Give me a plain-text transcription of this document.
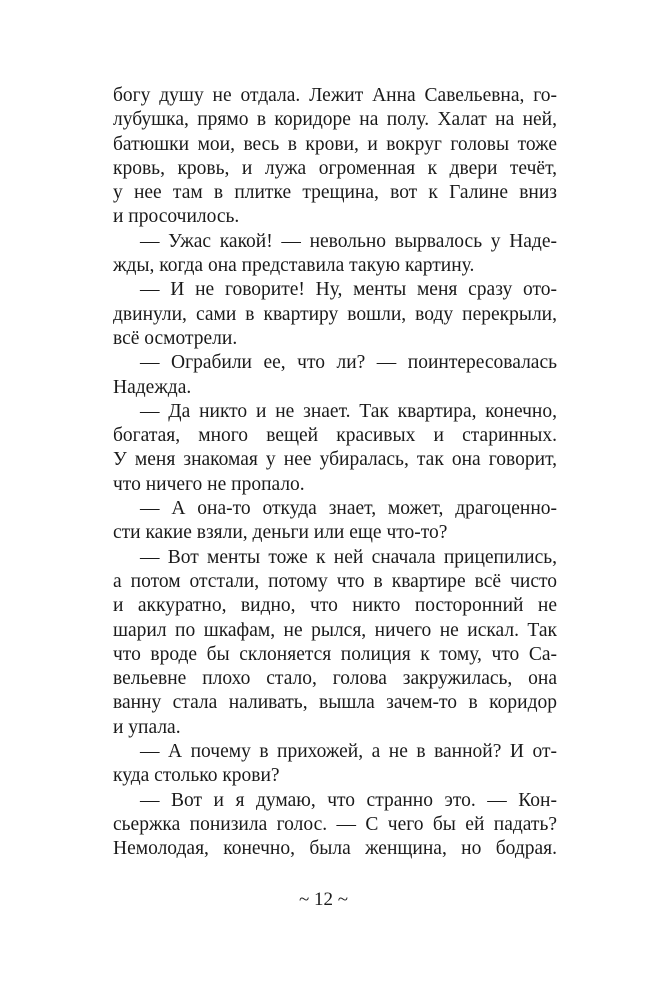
богу душу не отдала. Лежит Анна Савельевна, го-
лубушка, прямо в коридоре на полу. Халат на ней,
батюшки мои, весь в крови, и вокруг головы тоже
кровь, кровь, и лужа огроменная к двери течёт,
у нее там в плитке трещина, вот к Галине вниз
и просочилось.
— Ужас какой! — невольно вырвалось у Наде-
жды, когда она представила такую картину.
— И не говорите! Ну, менты меня сразу ото-
двинули, сами в квартиру вошли, воду перекрыли,
всё осмотрели.
— Ограбили ее, что ли? — поинтересовалась
Надежда.
— Да никто и не знает. Так квартира, конечно,
богатая, много вещей красивых и старинных.
У меня знакомая у нее убиралась, так она говорит,
что ничего не пропало.
— А она-то откуда знает, может, драгоценно-
сти какие взяли, деньги или еще что-то?
— Вот менты тоже к ней сначала прицепились,
а потом отстали, потому что в квартире всё чисто
и аккуратно, видно, что никто посторонний не
шарил по шкафам, не рылся, ничего не искал. Так
что вроде бы склоняется полиция к тому, что Са-
вельевне плохо стало, голова закружилась, она
ванну стала наливать, вышла зачем-то в коридор
и упала.
— А почему в прихожей, а не в ванной? И от-
куда столько крови?
— Вот и я думаю, что странно это. — Кон-
сьержка понизила голос. — С чего бы ей падать?
Немолодая, конечно, была женщина, но бодрая.
~ 12 ~
